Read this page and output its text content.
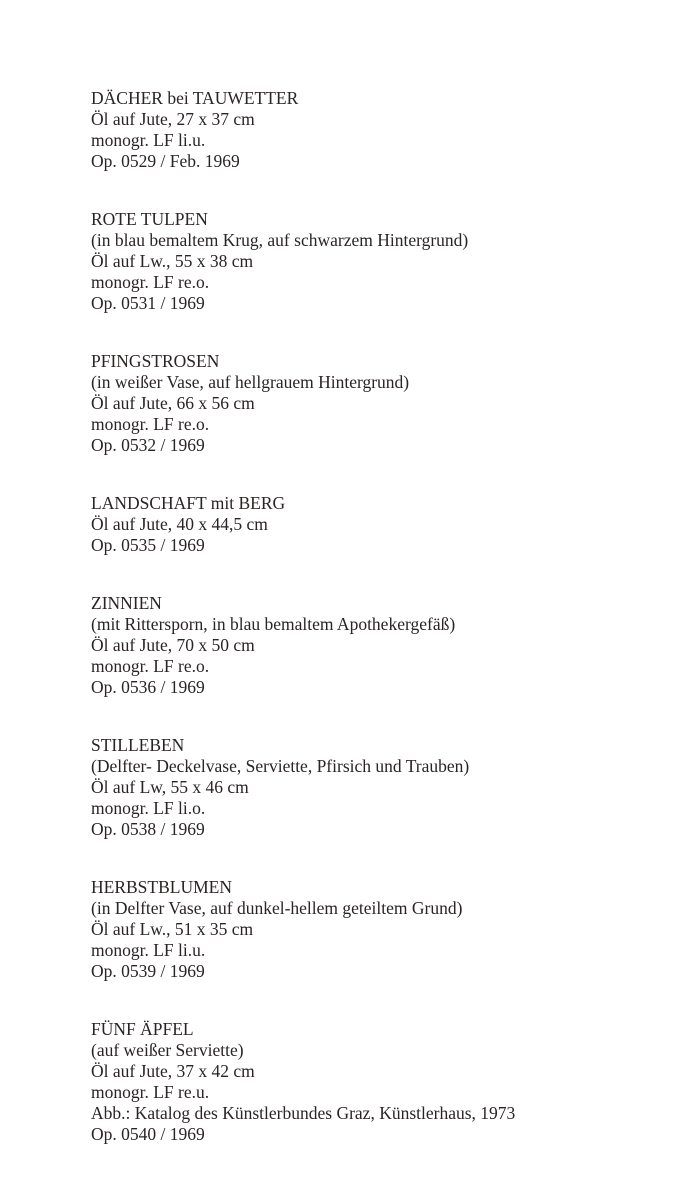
DÄCHER bei TAUWETTER
Öl auf Jute, 27 x 37 cm
monogr. LF li.u.
Op. 0529 / Feb. 1969
ROTE TULPEN
(in blau bemaltem Krug, auf schwarzem Hintergrund)
Öl auf Lw., 55 x 38 cm
monogr. LF re.o.
Op. 0531 / 1969
PFINGSTROSEN
(in weißer Vase, auf hellgrauem Hintergrund)
Öl auf Jute, 66 x 56 cm
monogr. LF re.o.
Op. 0532 / 1969
LANDSCHAFT mit BERG
Öl auf Jute, 40 x 44,5 cm
Op. 0535 / 1969
ZINNIEN
(mit Rittersporn, in blau bemaltem Apothekergefäß)
Öl auf Jute, 70 x 50 cm
monogr. LF re.o.
Op. 0536 / 1969
STILLEBEN
(Delfter- Deckelvase, Serviette, Pfirsich und Trauben)
Öl auf Lw, 55 x 46 cm
monogr. LF li.o.
Op. 0538 / 1969
HERBSTBLUMEN
(in Delfter Vase, auf dunkel-hellem geteiltem Grund)
Öl auf Lw., 51 x 35 cm
monogr. LF li.u.
Op. 0539 / 1969
FÜNF ÄPFEL
(auf weißer Serviette)
Öl auf Jute, 37 x 42 cm
monogr. LF re.u.
Abb.: Katalog des Künstlerbundes Graz, Künstlerhaus, 1973
Op. 0540 / 1969
